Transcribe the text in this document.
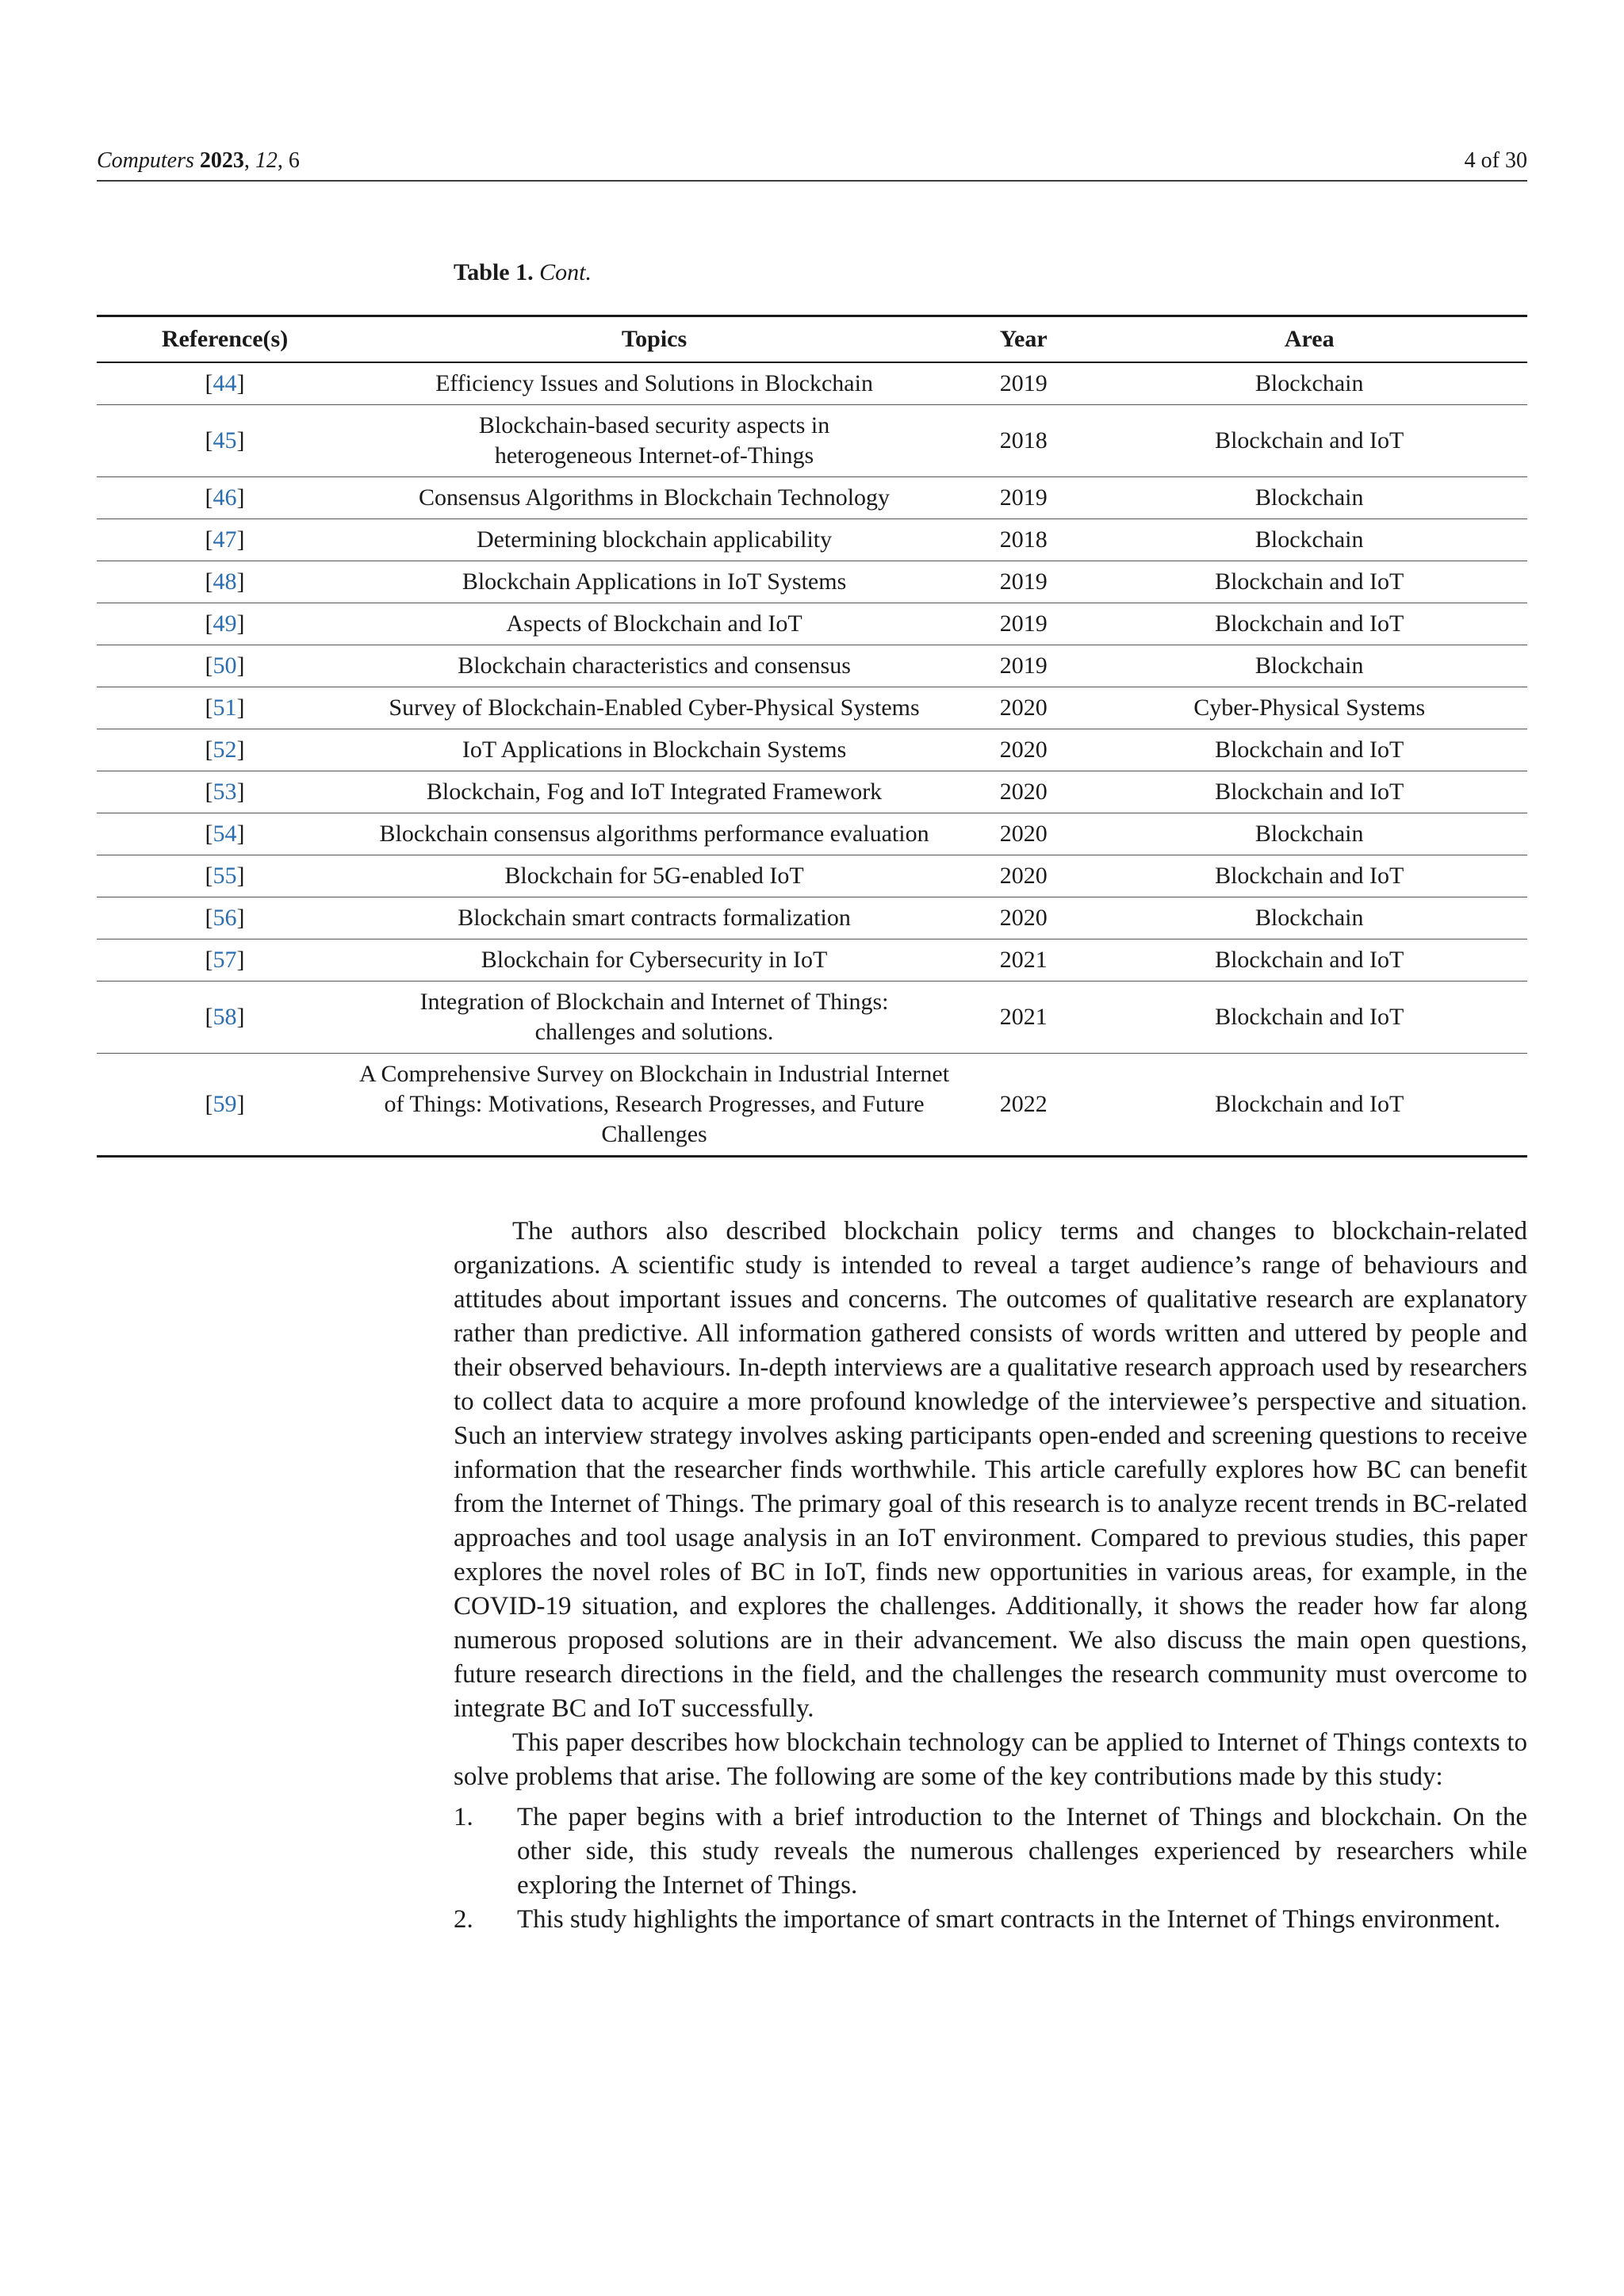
Computers 2023, 12, 6	4 of 30
Table 1. Cont.
Reference(s)	Topics	Year	Area
[44]	Efficiency Issues and Solutions in Blockchain	2019	Blockchain
[45]	Blockchain-based security aspects in heterogeneous Internet-of-Things	2018	Blockchain and IoT
[46]	Consensus Algorithms in Blockchain Technology	2019	Blockchain
[47]	Determining blockchain applicability	2018	Blockchain
[48]	Blockchain Applications in IoT Systems	2019	Blockchain and IoT
[49]	Aspects of Blockchain and IoT	2019	Blockchain and IoT
[50]	Blockchain characteristics and consensus	2019	Blockchain
[51]	Survey of Blockchain-Enabled Cyber-Physical Systems	2020	Cyber-Physical Systems
[52]	IoT Applications in Blockchain Systems	2020	Blockchain and IoT
[53]	Blockchain, Fog and IoT Integrated Framework	2020	Blockchain and IoT
[54]	Blockchain consensus algorithms performance evaluation	2020	Blockchain
[55]	Blockchain for 5G-enabled IoT	2020	Blockchain and IoT
[56]	Blockchain smart contracts formalization	2020	Blockchain
[57]	Blockchain for Cybersecurity in IoT	2021	Blockchain and IoT
[58]	Integration of Blockchain and Internet of Things: challenges and solutions.	2021	Blockchain and IoT
[59]	A Comprehensive Survey on Blockchain in Industrial Internet of Things: Motivations, Research Progresses, and Future Challenges	2022	Blockchain and IoT

The authors also described blockchain policy terms and changes to blockchain-related organizations. A scientific study is intended to reveal a target audience’s range of behaviours and attitudes about important issues and concerns. The outcomes of qualitative research are explanatory rather than predictive. All information gathered consists of words written and uttered by people and their observed behaviours. In-depth interviews are a qualitative research approach used by researchers to collect data to acquire a more profound knowledge of the interviewee’s perspective and situation. Such an interview strategy involves asking participants open-ended and screening questions to receive information that the researcher finds worthwhile. This article carefully explores how BC can benefit from the Internet of Things. The primary goal of this research is to analyze recent trends in BC-related approaches and tool usage analysis in an IoT environment. Compared to previous studies, this paper explores the novel roles of BC in IoT, finds new opportunities in various areas, for example, in the COVID-19 situation, and explores the challenges. Additionally, it shows the reader how far along numerous proposed solutions are in their advancement. We also discuss the main open questions, future research directions in the field, and the challenges the research community must overcome to integrate BC and IoT successfully.

This paper describes how blockchain technology can be applied to Internet of Things contexts to solve problems that arise. The following are some of the key contributions made by this study:

1. The paper begins with a brief introduction to the Internet of Things and blockchain. On the other side, this study reveals the numerous challenges experienced by researchers while exploring the Internet of Things.
2. This study highlights the importance of smart contracts in the Internet of Things environment.
